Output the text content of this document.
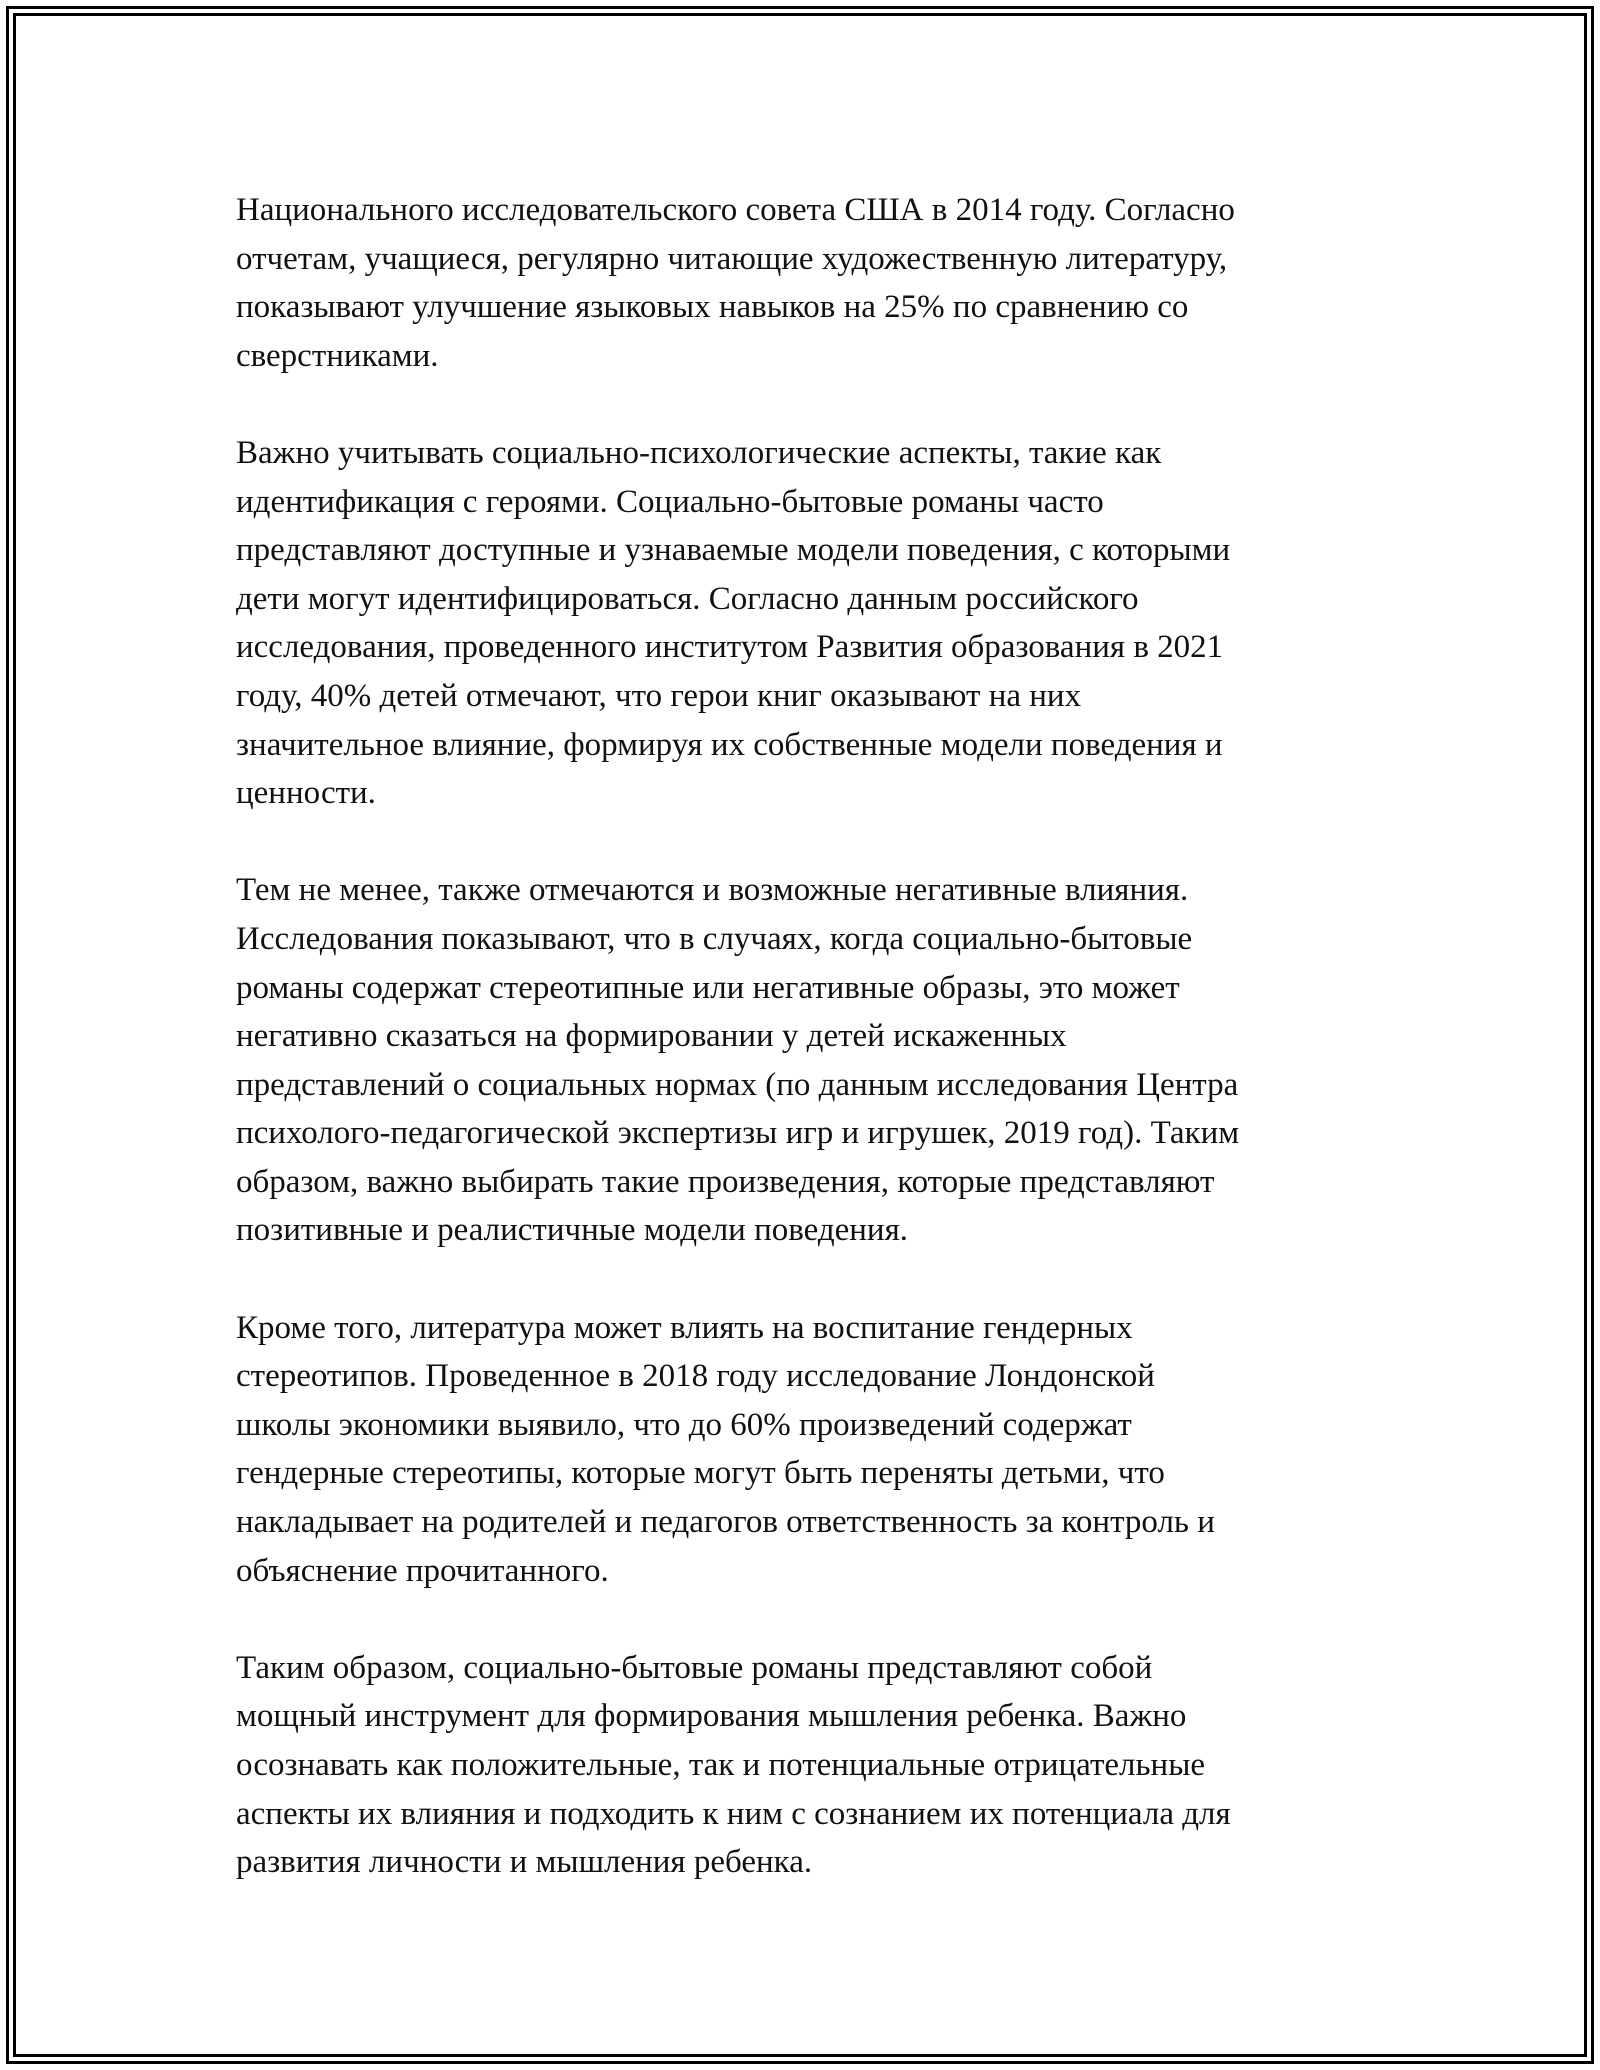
Национального исследовательского совета США в 2014 году. Согласно
отчетам, учащиеся, регулярно читающие художественную литературу,
показывают улучшение языковых навыков на 25% по сравнению со
сверстниками.

Важно учитывать социально-психологические аспекты, такие как
идентификация с героями. Социально-бытовые романы часто
представляют доступные и узнаваемые модели поведения, с которыми
дети могут идентифицироваться. Согласно данным российского
исследования, проведенного институтом Развития образования в 2021
году, 40% детей отмечают, что герои книг оказывают на них
значительное влияние, формируя их собственные модели поведения и
ценности.

Тем не менее, также отмечаются и возможные негативные влияния.
Исследования показывают, что в случаях, когда социально-бытовые
романы содержат стереотипные или негативные образы, это может
негативно сказаться на формировании у детей искаженных
представлений о социальных нормах (по данным исследования Центра
психолого-педагогической экспертизы игр и игрушек, 2019 год). Таким
образом, важно выбирать такие произведения, которые представляют
позитивные и реалистичные модели поведения.

Кроме того, литература может влиять на воспитание гендерных
стереотипов. Проведенное в 2018 году исследование Лондонской
школы экономики выявило, что до 60% произведений содержат
гендерные стереотипы, которые могут быть переняты детьми, что
накладывает на родителей и педагогов ответственность за контроль и
объяснение прочитанного.

Таким образом, социально-бытовые романы представляют собой
мощный инструмент для формирования мышления ребенка. Важно
осознавать как положительные, так и потенциальные отрицательные
аспекты их влияния и подходить к ним с сознанием их потенциала для
развития личности и мышления ребенка.
